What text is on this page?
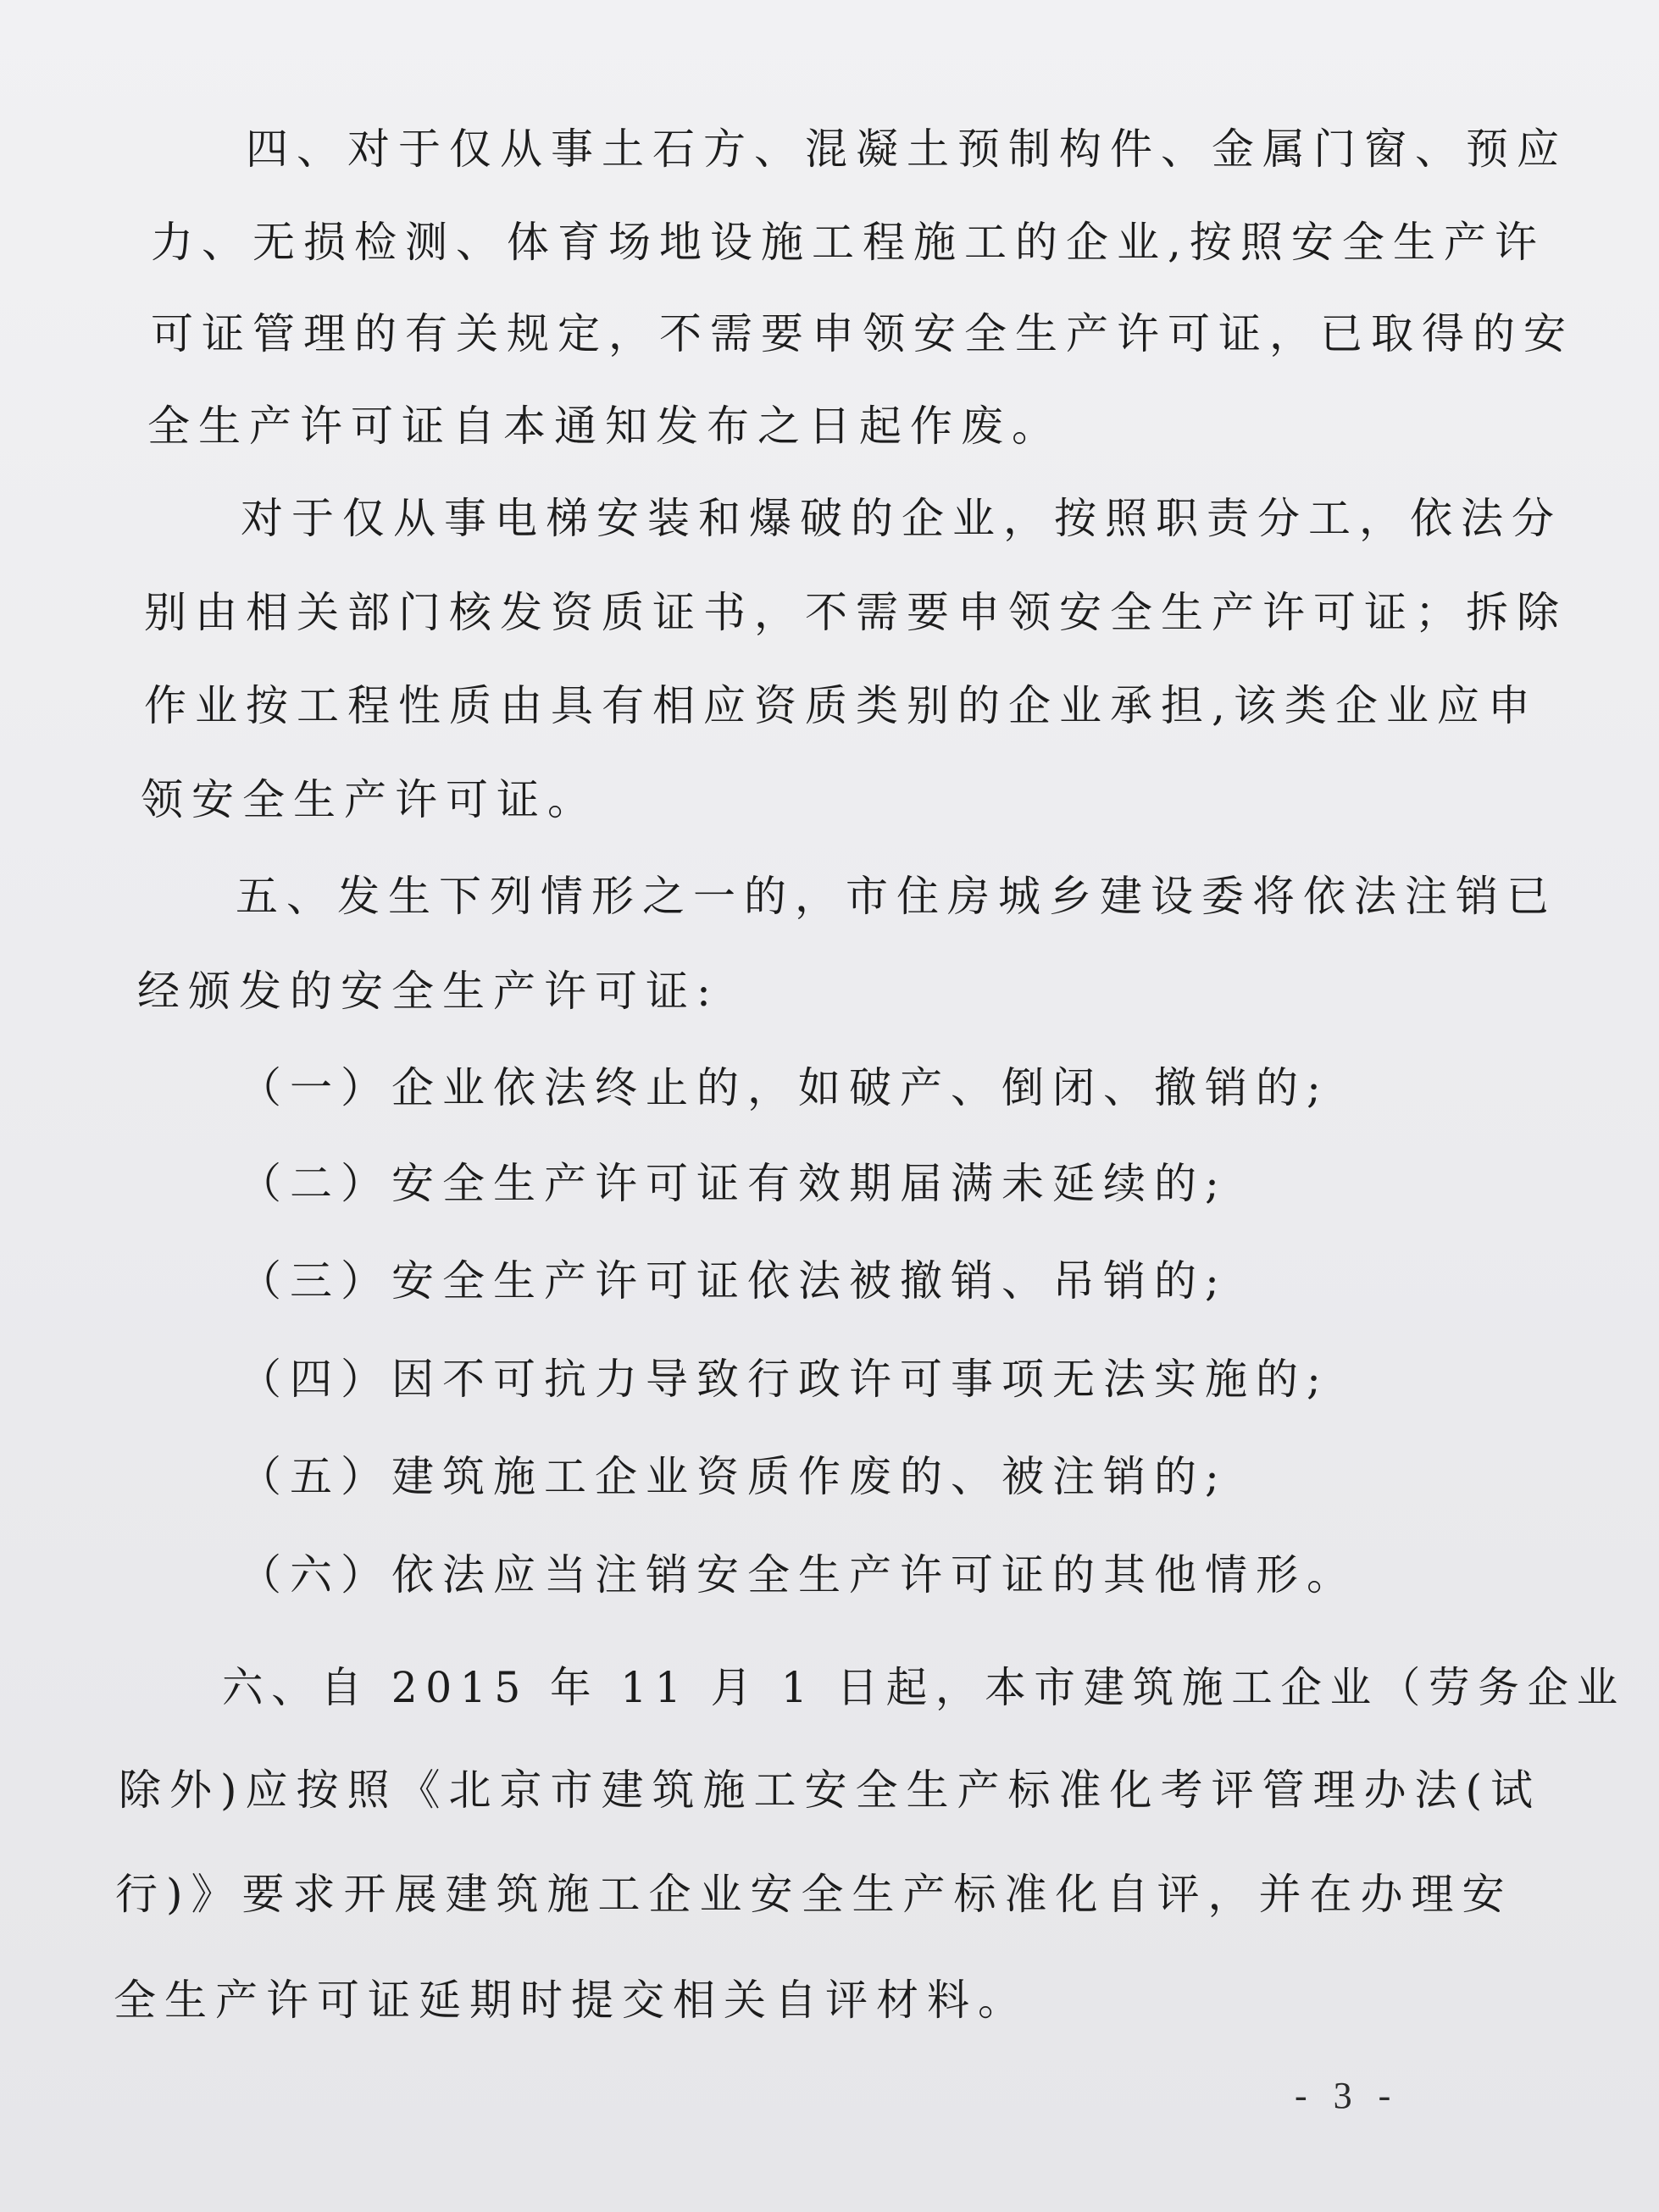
四、对于仅从事土石方、混凝土预制构件、金属门窗、预应
力、无损检测、体育场地设施工程施工的企业,按照安全生产许
可证管理的有关规定，不需要申领安全生产许可证，已取得的安
全生产许可证自本通知发布之日起作废。
对于仅从事电梯安装和爆破的企业，按照职责分工，依法分
别由相关部门核发资质证书，不需要申领安全生产许可证；拆除
作业按工程性质由具有相应资质类别的企业承担,该类企业应申
领安全生产许可证。
五、发生下列情形之一的，市住房城乡建设委将依法注销已
经颁发的安全生产许可证:
（一）企业依法终止的，如破产、倒闭、撤销的;
（二）安全生产许可证有效期届满未延续的;
（三）安全生产许可证依法被撤销、吊销的;
（四）因不可抗力导致行政许可事项无法实施的;
（五）建筑施工企业资质作废的、被注销的;
（六）依法应当注销安全生产许可证的其他情形。
六、自 2015 年 11 月 1 日起，本市建筑施工企业（劳务企业
除外)应按照《北京市建筑施工安全生产标准化考评管理办法(试
行)》要求开展建筑施工企业安全生产标准化自评，并在办理安
全生产许可证延期时提交相关自评材料。
- 3 -
